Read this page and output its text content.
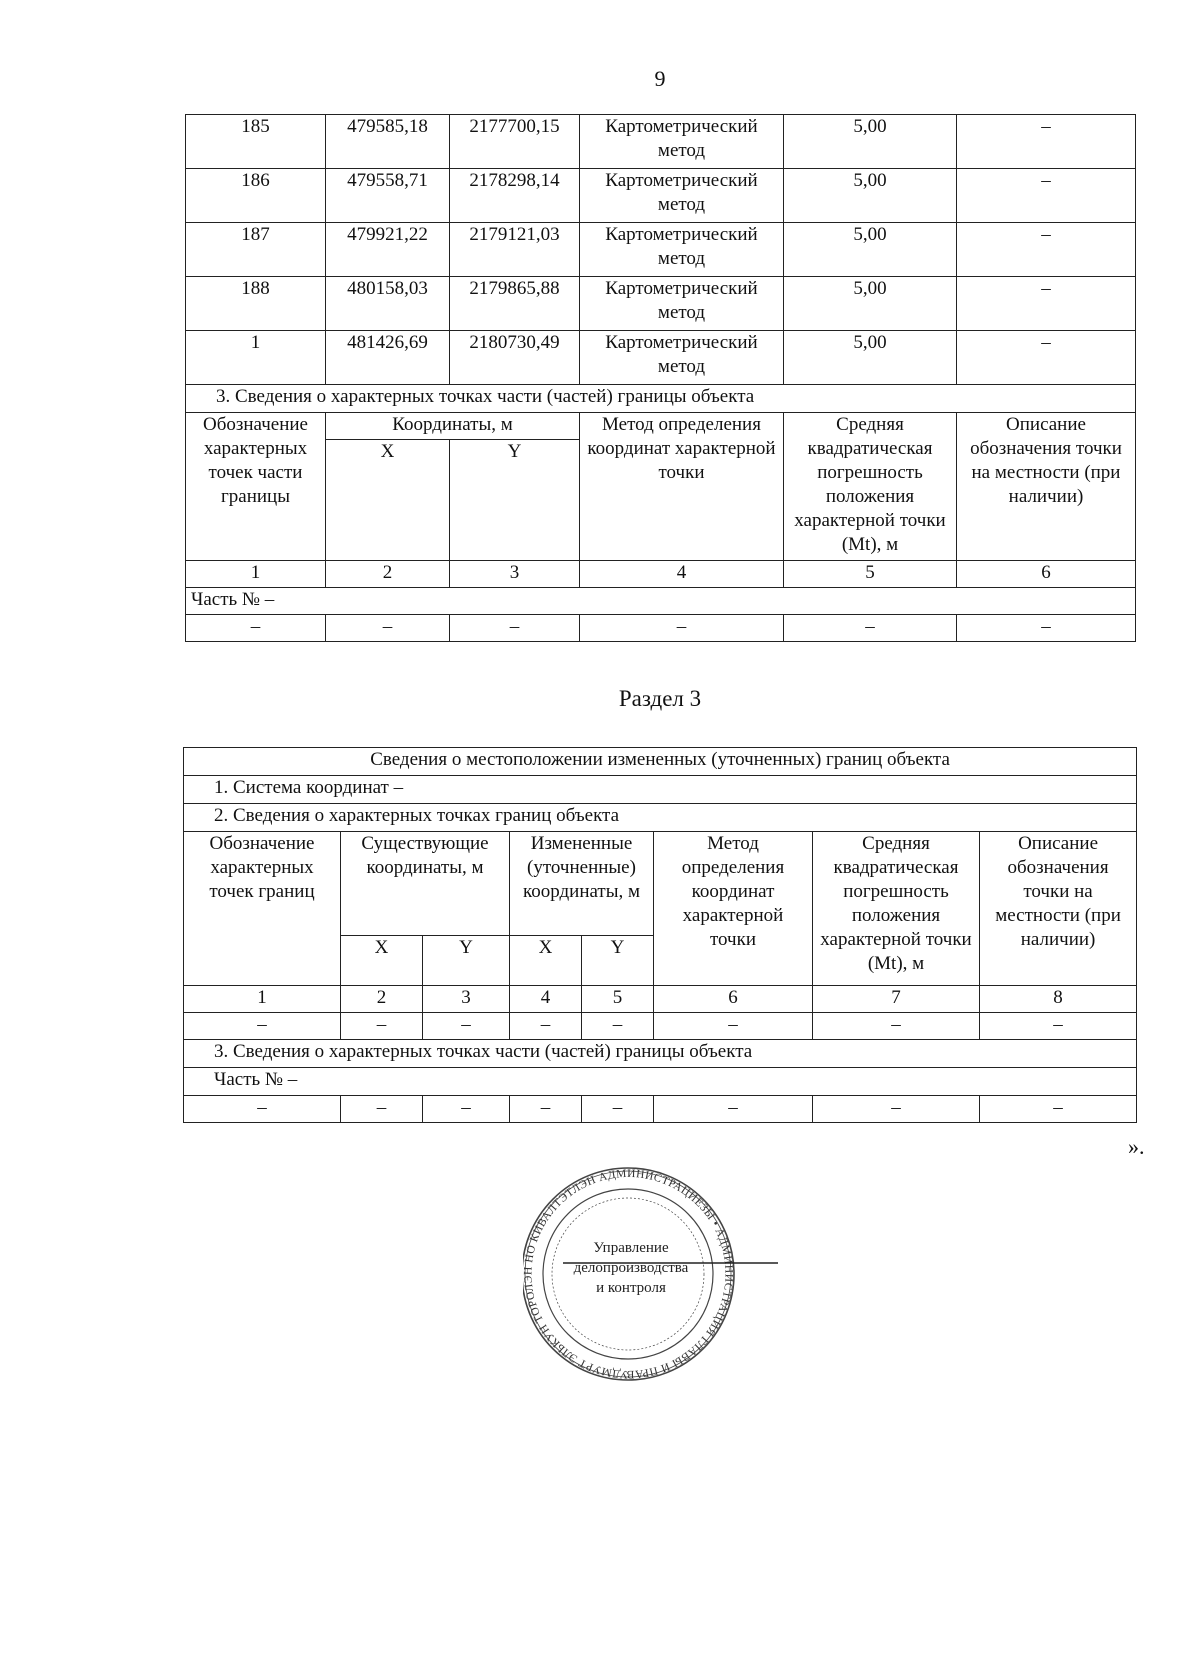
9
185	479585,18	2177700,15	Картометрический метод	5,00	–
186	479558,71	2178298,14	Картометрический метод	5,00	–
187	479921,22	2179121,03	Картометрический метод	5,00	–
188	480158,03	2179865,88	Картометрический метод	5,00	–
1	481426,69	2180730,49	Картометрический метод	5,00	–
3. Сведения о характерных точках части (частей) границы объекта					
Обозначение характерных точек части границы	Координаты, м		Метод определения координат характерной точки	Средняя квадратическая погрешность положения характерной точки (Mt), м	Описание обозначения точки на местности (при наличии)
	X	Y			
1	2	3	4	5	6
Часть № –					
–	–	–	–	–	–
Раздел 3
Сведения о местоположении измененных (уточненных) границ объекта							
1. Система координат –							
2. Сведения о характерных точках границ объекта							
Обозначение характерных точек границ	Существующие координаты, м		Измененные (уточненные) координаты, м		Метод определения координат характерной точки	Средняя квадратическая погрешность положения характерной точки (Mt), м	Описание обозначения точки на местности (при наличии)
	X	Y	X	Y			
1	2	3	4	5	6	7	8
–	–	–	–	–	–	–	–
3. Сведения о характерных точках части (частей) границы объекта							
Часть № –							
–	–	–	–	–	–	–	–
».
УДМУРТ ЭЛЬКУН ТОРОЛЭН НО КИВАЛТЭТЛЭН АДМИНИСТРАЦИЕЗЫ • АДМИНИСТРАЦИЯ ГЛАВЫ И ПРАВ
Управление
делопроизводства
и контроля
